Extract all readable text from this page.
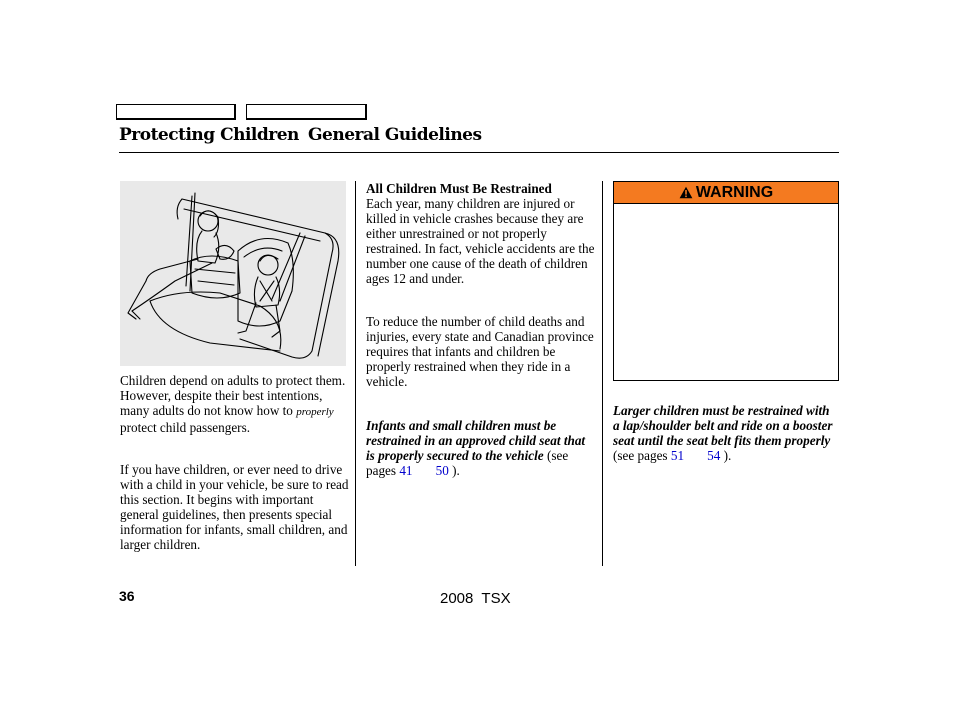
Protecting Children General Guidelines
Children depend on adults to protect them. However, despite their best intentions, many adults do not know how to properly protect child passengers.
If you have children, or ever need to drive with a child in your vehicle, be sure to read this section. It begins with important general guidelines, then presents special information for infants, small children, and larger children.
All Children Must Be Restrained
Each year, many children are injured or killed in vehicle crashes because they are either unrestrained or not properly restrained. In fact, vehicle accidents are the number one cause of the death of children ages 12 and under.
To reduce the number of child deaths and injuries, every state and Canadian province requires that infants and children be properly restrained when they ride in a vehicle.
Infants and small children must be restrained in an approved child seat that is properly secured to the vehicle (see pages 41 50 ).
WARNING
Larger children must be restrained with a lap/shoulder belt and ride on a booster seat until the seat belt fits them properly (see pages 51 54 ).
36	2008  TSX
